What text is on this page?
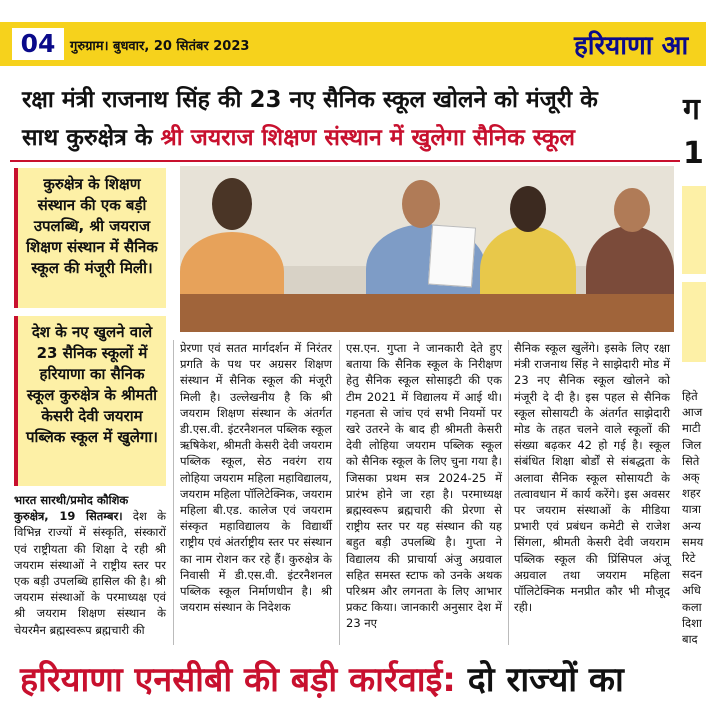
04	गुरुग्राम। बुधवार, 20 सितंबर 2023	हरियाणा आ
रक्षा मंत्री राजनाथ सिंह की 23 नए सैनिक स्कूल खोलने को मंजूरी के
साथ कुरुक्षेत्र के श्री जयराज शिक्षण संस्थान में खुलेगा सैनिक स्कूल
ग
1
कुरुक्षेत्र के शिक्षण संस्थान की एक बड़ी उपलब्धि, श्री जयराज शिक्षण संस्थान में सैनिक स्कूल की मंजूरी मिली।
देश के नए खुलने वाले 23 सैनिक स्कूलों में हरियाणा का सैनिक स्कूल कुरुक्षेत्र के श्रीमती केसरी देवी जयराम पब्लिक स्कूल में खुलेगा।
भारत सारथी/प्रमोद कौशिक
कुरुक्षेत्र, 19 सितम्बर। देश के विभिन्न राज्यों में संस्कृति, संस्कारों एवं राष्ट्रीयता की शिक्षा दे रही श्री जयराम संस्थाओं ने राष्ट्रीय स्तर पर एक बड़ी उपलब्धि हासिल की है। श्री जयराम संस्थाओं के परमाध्यक्ष एवं श्री जयराम शिक्षण संस्थान के चेयरमैन ब्रह्मस्वरूप ब्रह्मचारी की
प्रेरणा एवं सतत मार्गदर्शन में निरंतर प्रगति के पथ पर अग्रसर शिक्षण संस्थान में सैनिक स्कूल की मंजूरी मिली है। उल्लेखनीय है कि श्री जयराम शिक्षण संस्थान के अंतर्गत डी.एस.वी. इंटरनैशनल पब्लिक स्कूल ऋषिकेश, श्रीमती केसरी देवी जयराम पब्लिक स्कूल, सेठ नवरंग राय लोहिया जयराम महिला महाविद्यालय, जयराम महिला पॉलिटेक्निक, जयराम महिला बी.एड. कालेज एवं जयराम संस्कृत महाविद्यालय के विद्यार्थी राष्ट्रीय एवं अंतर्राष्ट्रीय स्तर पर संस्थान का नाम रोशन कर रहे हैं। कुरुक्षेत्र के निवासी में डी.एस.वी. इंटरनैशनल पब्लिक स्कूल निर्माणधीन है। श्री जयराम संस्थान के निदेशक
एस.एन. गुप्ता ने जानकारी देते हुए बताया कि सैनिक स्कूल के निरीक्षण हेतु सैनिक स्कूल सोसाइटी की एक टीम 2021 में विद्यालय में आई थी। गहनता से जांच एवं सभी नियमों पर खरे उतरने के बाद ही श्रीमती केसरी देवी लोहिया जयराम पब्लिक स्कूल को सैनिक स्कूल के लिए चुना गया है। जिसका प्रथम सत्र 2024-25 में प्रारंभ होने जा रहा है। परमाध्यक्ष ब्रह्मस्वरूप ब्रह्मचारी की प्रेरणा से राष्ट्रीय स्तर पर यह संस्थान की यह बहुत बड़ी उपलब्धि है। गुप्ता ने विद्यालय की प्राचार्या अंजु अग्रवाल सहित समस्त स्टाफ को उनके अथक परिश्रम और लगनता के लिए आभार प्रकट किया। जानकारी अनुसार देश में 23 नए
सैनिक स्कूल खुलेंगे। इसके लिए रक्षा मंत्री राजनाथ सिंह ने साझेदारी मोड में 23 नए सैनिक स्कूल खोलने को मंजूरी दे दी है। इस पहल से सैनिक स्कूल सोसायटी के अंतर्गत साझेदारी मोड के तहत चलने वाले स्कूलों की संख्या बढ़कर 42 हो गई है। स्कूल संबंधित शिक्षा बोर्डों से संबद्धता के अलावा सैनिक स्कूल सोसायटी के तत्वावधान में कार्य करेंगे। इस अवसर पर जयराम संस्थाओं के मीडिया प्रभारी एवं प्रबंधन कमेटी से राजेश सिंगला, श्रीमती केसरी देवी जयराम पब्लिक स्कूल की प्रिंसिपल अंजू अग्रवाल तथा जयराम महिला पॉलिटेक्निक मनप्रीत कौर भी मौजूद रही।
हिते आज माटी जिल सिते अक् शहर यात्रा अन्य समय रिटे सदन अधि कला दिशा बाद
हरियाणा एनसीबी की बड़ी कार्रवाई: दो राज्यों का
